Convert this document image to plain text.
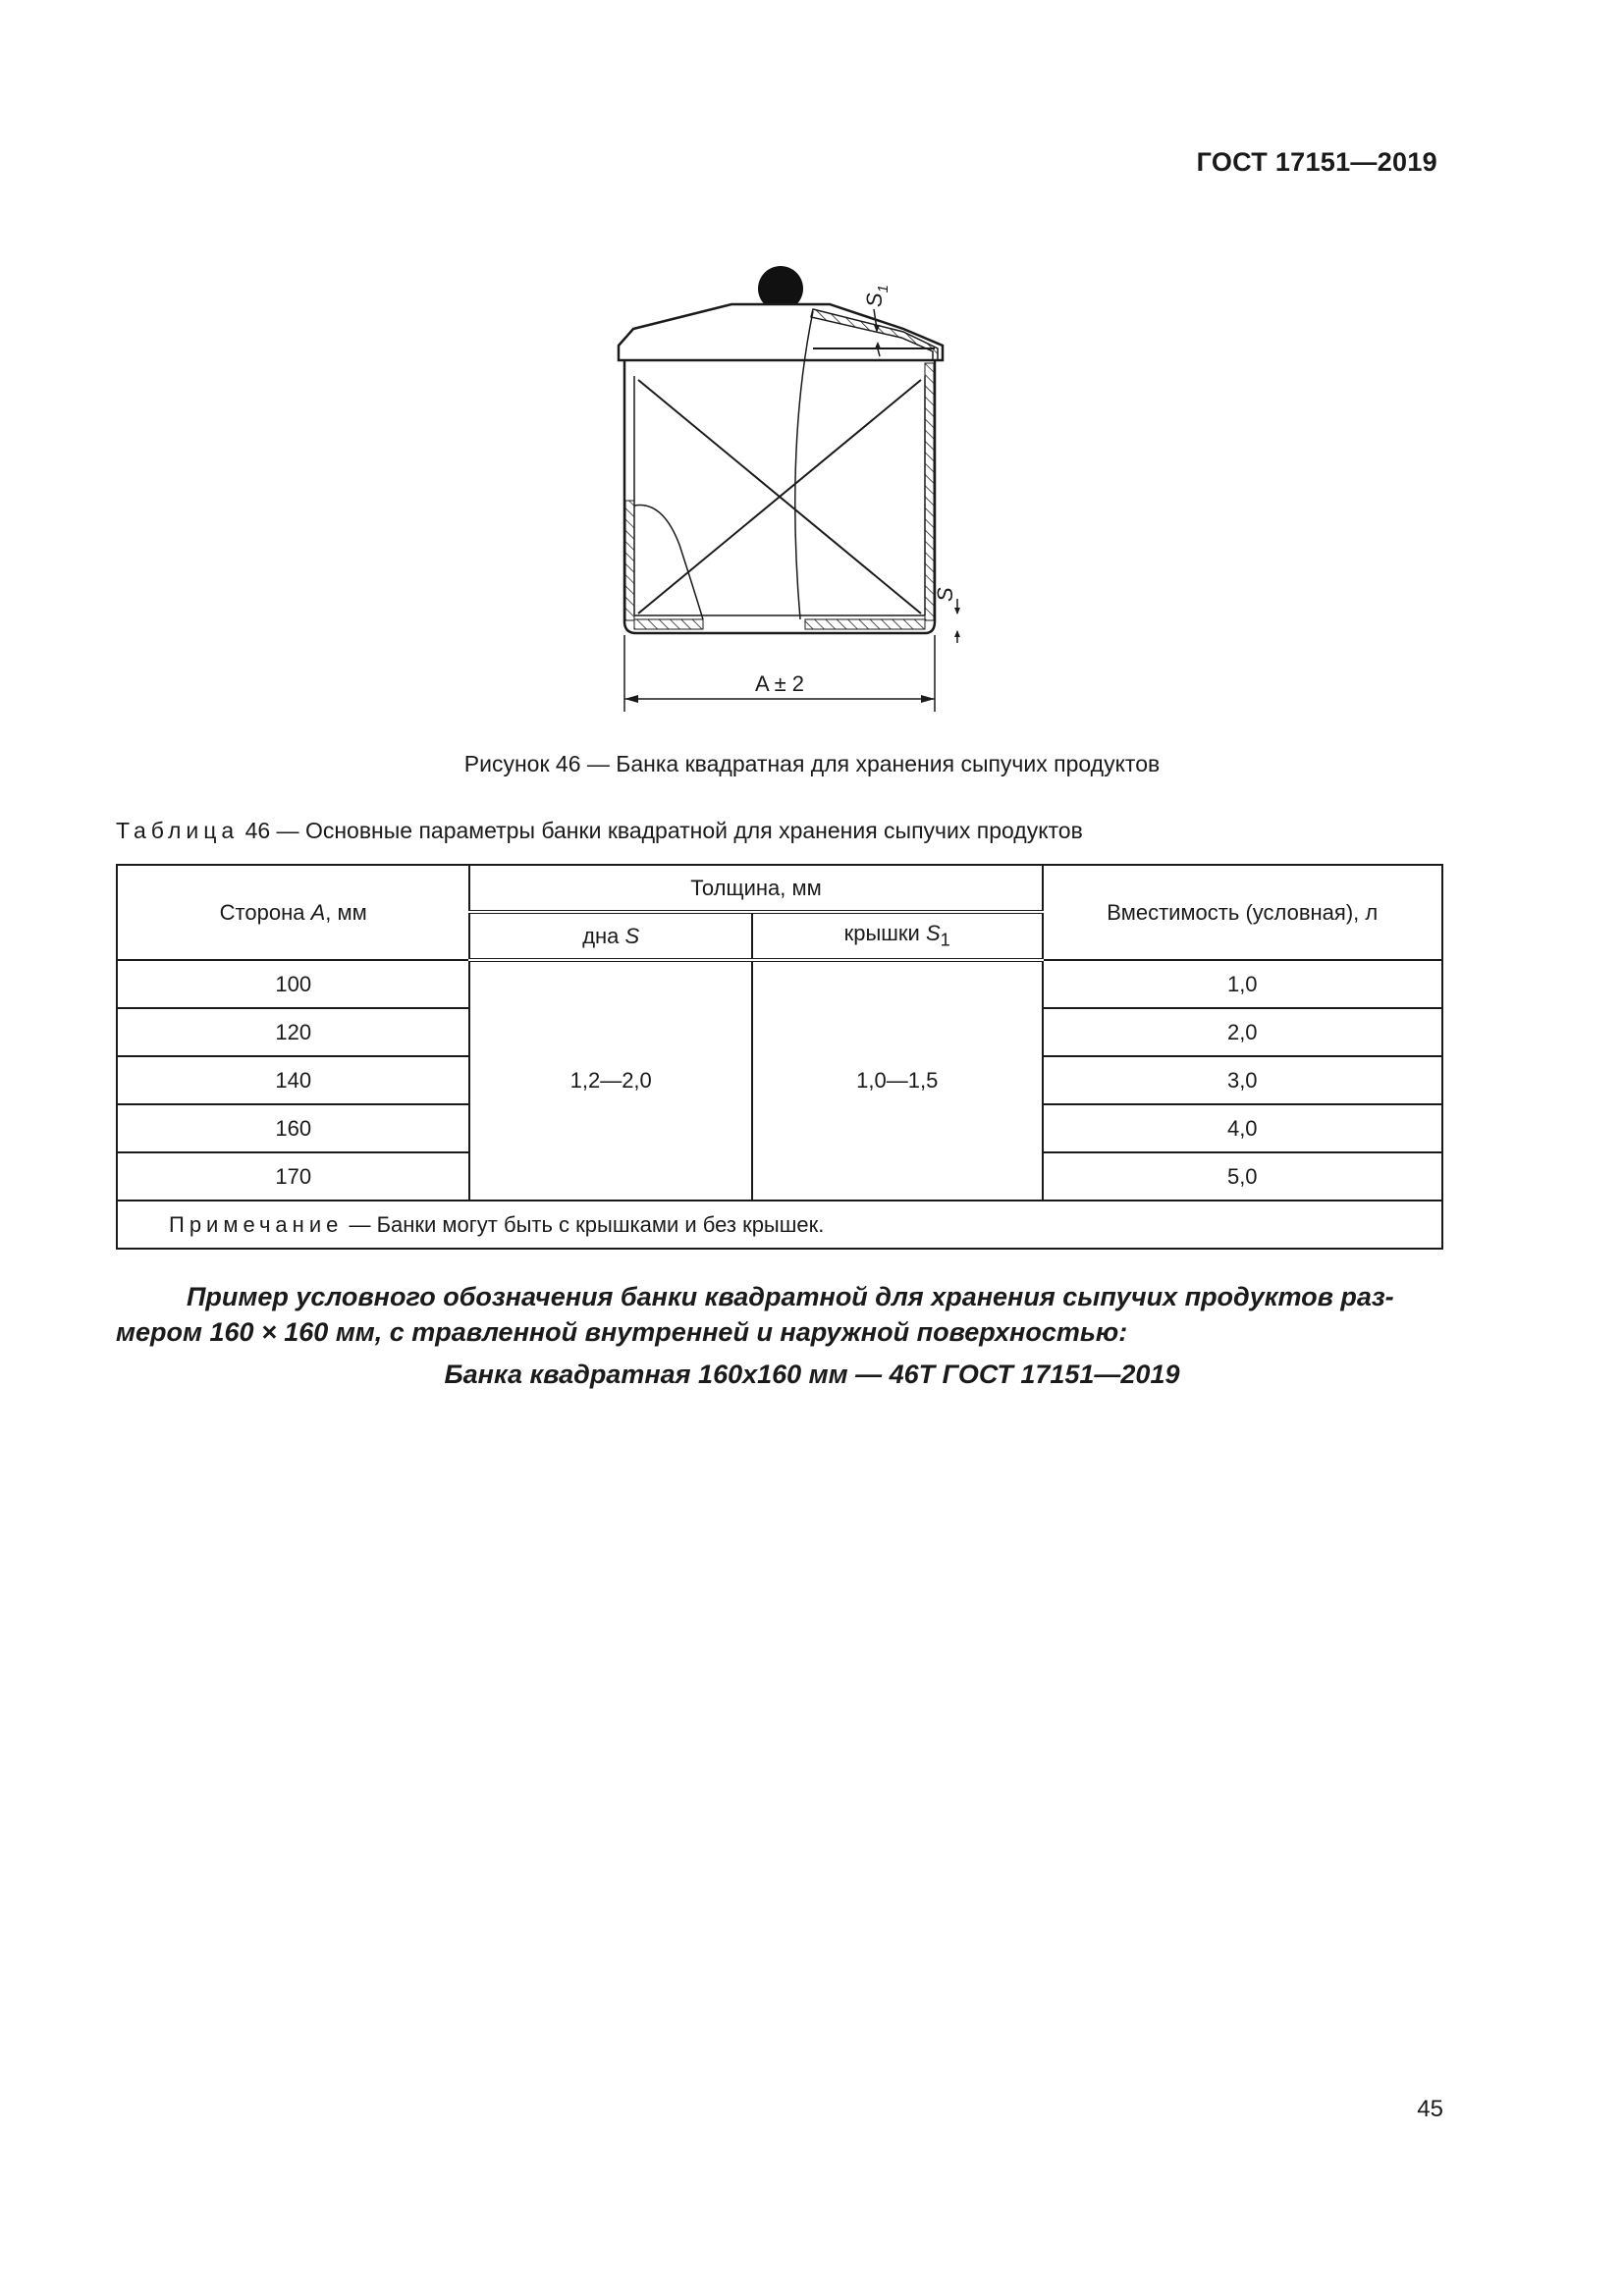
ГОСТ 17151—2019
$S_1$
S
A ± 2
Рисунок 46 — Банка квадратная для хранения сыпучих продуктов
Таблица 46 — Основные параметры банки квадратной для хранения сыпучих продуктов
Сторона A, мм	Толщина, мм		Вместимость (условная), л
	дна S	крышки $S_1$
100	1,2—2,0	1,0—1,5	1,0
120			2,0
140			3,0
160			4,0
170			5,0
Примечание — Банки могут быть с крышками и без крышек.			
Пример условного обозначения банки квадратной для хранения сыпучих продуктов раз-
мером 160 × 160 мм, с травленной внутренней и наружной поверхностью:
Банка квадратная 160х160 мм — 46Т ГОСТ 17151—2019
45
